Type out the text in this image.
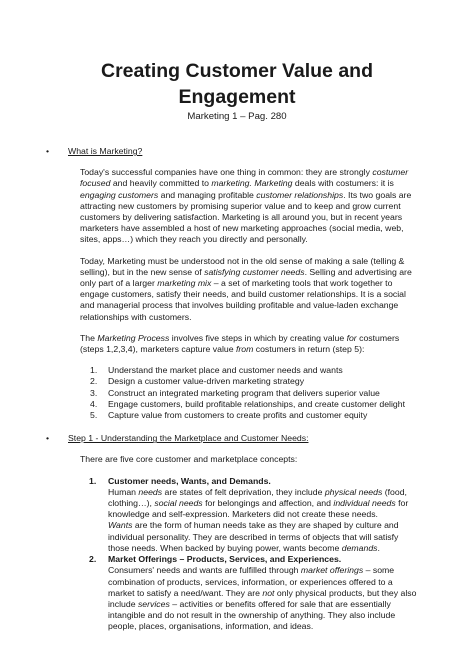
Creating Customer Value and
Engagement
Marketing 1 – Pag. 280
• What is Marketing?

Today's successful companies have one thing in common: they are strongly costumer focused and heavily committed to marketing. Marketing deals with costumers: it is engaging customers and managing profitable customer relationships. Its two goals are attracting new customers by promising superior value and to keep and grow current customers by delivering satisfaction. Marketing is all around you, but in recent years marketers have assembled a host of new marketing approaches (social media, web, sites, apps…) which they reach you directly and personally.

Today, Marketing must be understood not in the old sense of making a sale (telling & selling), but in the new sense of satisfying customer needs. Selling and advertising are only part of a larger marketing mix – a set of marketing tools that work together to engage customers, satisfy their needs, and build customer relationships. It is a social and managerial process that involves building profitable and value-laden exchange relationships with customers.

The Marketing Process involves five steps in which by creating value for costumers (steps 1,2,3,4), marketers capture value from costumers in return (step 5):

1. Understand the market place and customer needs and wants
2. Design a customer value-driven marketing strategy
3. Construct an integrated marketing program that delivers superior value
4. Engage customers, build profitable relationships, and create customer delight
5. Capture value from customers to create profits and customer equity
• Step 1 - Understanding the Marketplace and Customer Needs:

There are five core customer and marketplace concepts:

1. Customer needs, Wants, and Demands.

Human needs are states of felt deprivation, they include physical needs (food, clothing…), social needs for belongings and affection, and individual needs for knowledge and self-expression. Marketers did not create these needs.

Wants are the form of human needs take as they are shaped by culture and individual personality. They are described in terms of objects that will satisfy those needs. When backed by buying power, wants become demands.

2. Market Offerings – Products, Services, and Experiences.

Consumers' needs and wants are fulfilled through market offerings – some combination of products, services, information, or experiences offered to a market to satisfy a need/want. They are not only physical products, but they also include services – activities or benefits offered for sale that are essentially intangible and do not result in the ownership of anything. They also include people, places, organisations, information, and ideas.
